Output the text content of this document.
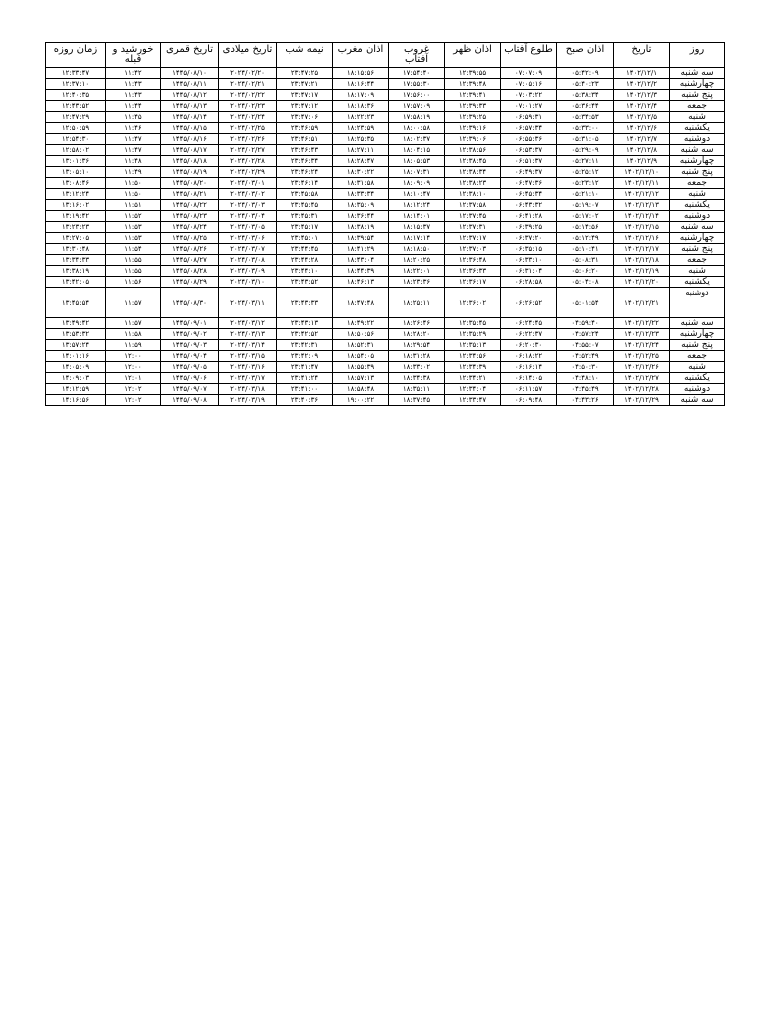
روز	تاریخ	اذان صبح	طلوع آفتاب	اذان ظهر	غروب آفتاب	اذان مغرب	نیمه شب	تاریخ میلادی	تاریخ قمری	خورشید و قبله	زمان روزه
سه شنبه	۱۴۰۲/۱۲/۱	۰۵:۴۲:۰۹	۰۷:۰۷:۰۹	۱۲:۳۹:۵۵	۱۷:۵۴:۴۰	۱۸:۱۵:۵۶	۲۳:۴۷:۲۵	۲۰۲۴/۰۲/۲۰	۱۴۴۵/۰۸/۱۰	۱۱:۴۲	۱۲:۳۳:۴۷
چهارشنبه	۱۴۰۲/۱۲/۲	۰۵:۴۰:۲۳	۰۷:۰۵:۱۶	۱۲:۳۹:۴۸	۱۷:۵۵:۳۰	۱۸:۱۶:۴۴	۲۳:۴۷:۲۱	۲۰۲۴/۰۲/۲۱	۱۴۴۵/۰۸/۱۱	۱۱:۴۳	۱۲:۳۷:۱۰
پنج شنبه	۱۴۰۲/۱۲/۳	۰۵:۳۸:۳۴	۰۷:۰۳:۲۲	۱۲:۳۹:۴۱	۱۷:۵۶:۰۰	۱۸:۱۷:۰۹	۲۳:۴۷:۱۷	۲۰۲۴/۰۲/۲۲	۱۴۴۵/۰۸/۱۲	۱۱:۴۳	۱۲:۴۰:۳۵
جمعه	۱۴۰۲/۱۲/۴	۰۵:۳۶:۴۴	۰۷:۰۱:۲۷	۱۲:۳۹:۳۳	۱۷:۵۷:۰۹	۱۸:۱۸:۳۶	۲۳:۴۷:۱۲	۲۰۲۴/۰۲/۲۳	۱۴۴۵/۰۸/۱۳	۱۱:۴۴	۱۲:۴۳:۵۲
شنبه	۱۴۰۲/۱۲/۵	۰۵:۳۴:۵۳	۰۶:۵۹:۳۱	۱۲:۳۹:۲۵	۱۷:۵۸:۱۹	۱۸:۲۲:۲۳	۲۳:۴۷:۰۶	۲۰۲۴/۰۲/۲۴	۱۴۴۵/۰۸/۱۴	۱۱:۴۵	۱۲:۴۷:۲۹
یکشنبه	۱۴۰۲/۱۲/۶	۰۵:۳۳:۰۰	۰۶:۵۷:۳۴	۱۲:۳۹:۱۶	۱۸:۰۰:۵۸	۱۸:۲۳:۵۹	۲۳:۴۶:۵۹	۲۰۲۴/۰۲/۲۵	۱۴۴۵/۰۸/۱۵	۱۱:۴۶	۱۲:۵۰:۵۹
دوشنبه	۱۴۰۲/۱۲/۷	۰۵:۳۱:۰۵	۰۶:۵۵:۳۶	۱۲:۳۹:۰۶	۱۸:۰۲:۳۷	۱۸:۲۵:۳۵	۲۳:۴۶:۵۱	۲۰۲۴/۰۲/۲۶	۱۴۴۵/۰۸/۱۶	۱۱:۴۷	۱۲:۵۴:۳۰
سه شنبه	۱۴۰۲/۱۲/۸	۰۵:۲۹:۰۹	۰۶:۵۳:۳۷	۱۲:۳۸:۵۶	۱۸:۰۴:۱۵	۱۸:۲۷:۱۱	۲۳:۴۶:۴۳	۲۰۲۴/۰۲/۲۷	۱۴۴۵/۰۸/۱۷	۱۱:۴۷	۱۲:۵۸:۰۲
چهارشنبه	۱۴۰۲/۱۲/۹	۰۵:۲۷:۱۱	۰۶:۵۱:۳۷	۱۲:۳۸:۴۵	۱۸:۰۵:۵۳	۱۸:۲۸:۴۷	۲۳:۴۶:۳۴	۲۰۲۴/۰۲/۲۸	۱۴۴۵/۰۸/۱۸	۱۱:۴۸	۱۳:۰۱:۳۶
پنج شنبه	۱۴۰۲/۱۲/۱۰	۰۵:۲۵:۱۲	۰۶:۴۹:۳۷	۱۲:۳۸:۳۴	۱۸:۰۷:۳۱	۱۸:۳۰:۲۲	۲۳:۴۶:۲۴	۲۰۲۴/۰۲/۲۹	۱۴۴۵/۰۸/۱۹	۱۱:۴۹	۱۳:۰۵:۱۰
جمعه	۱۴۰۲/۱۲/۱۱	۰۵:۲۳:۱۲	۰۶:۴۷:۳۶	۱۲:۳۸:۲۳	۱۸:۰۹:۰۹	۱۸:۳۱:۵۸	۲۳:۴۶:۱۴	۲۰۲۴/۰۳/۰۱	۱۴۴۵/۰۸/۲۰	۱۱:۵۰	۱۳:۰۸:۴۶
شنبه	۱۴۰۲/۱۲/۱۲	۰۵:۲۱:۱۰	۰۶:۴۵:۳۴	۱۲:۳۸:۱۰	۱۸:۱۰:۴۷	۱۸:۳۳:۳۴	۲۳:۴۵:۵۸	۲۰۲۴/۰۳/۰۲	۱۴۴۵/۰۸/۲۱	۱۱:۵۰	۱۳:۱۲:۲۴
یکشنبه	۱۴۰۲/۱۲/۱۳	۰۵:۱۹:۰۷	۰۶:۴۳:۳۲	۱۲:۳۷:۵۸	۱۸:۱۲:۲۴	۱۸:۳۵:۰۹	۲۳:۴۵:۴۵	۲۰۲۴/۰۳/۰۳	۱۴۴۵/۰۸/۲۲	۱۱:۵۱	۱۳:۱۶:۰۲
دوشنبه	۱۴۰۲/۱۲/۱۴	۰۵:۱۷:۰۲	۰۶:۴۱:۲۸	۱۲:۳۷:۴۵	۱۸:۱۴:۰۱	۱۸:۳۶:۴۴	۲۳:۴۵:۳۱	۲۰۲۴/۰۳/۰۴	۱۴۴۵/۰۸/۲۳	۱۱:۵۲	۱۳:۱۹:۴۲
سه شنبه	۱۴۰۲/۱۲/۱۵	۰۵:۱۴:۵۶	۰۶:۳۹:۲۵	۱۲:۳۷:۳۱	۱۸:۱۵:۳۷	۱۸:۳۸:۱۹	۲۳:۴۵:۱۷	۲۰۲۴/۰۳/۰۵	۱۴۴۵/۰۸/۲۴	۱۱:۵۳	۱۳:۲۳:۲۳
چهارشنبه	۱۴۰۲/۱۲/۱۶	۰۵:۱۲:۴۹	۰۶:۳۷:۲۰	۱۲:۳۷:۱۷	۱۸:۱۷:۱۴	۱۸:۳۹:۵۴	۲۳:۴۵:۰۱	۲۰۲۴/۰۳/۰۶	۱۴۴۵/۰۸/۲۵	۱۱:۵۳	۱۳:۲۷:۰۵
پنج شنبه	۱۴۰۲/۱۲/۱۷	۰۵:۱۰:۴۱	۰۶:۳۵:۱۵	۱۲:۳۷:۰۳	۱۸:۱۸:۵۰	۱۸:۴۱:۲۹	۲۳:۴۴:۴۵	۲۰۲۴/۰۳/۰۷	۱۴۴۵/۰۸/۲۶	۱۱:۵۴	۱۳:۳۰:۴۸
جمعه	۱۴۰۲/۱۲/۱۸	۰۵:۰۸:۳۱	۰۶:۳۳:۱۰	۱۲:۳۶:۴۸	۱۸:۲۰:۲۵	۱۸:۴۳:۰۴	۲۳:۴۴:۲۸	۲۰۲۴/۰۳/۰۸	۱۴۴۵/۰۸/۲۷	۱۱:۵۵	۱۳:۳۴:۳۳
شنبه	۱۴۰۲/۱۲/۱۹	۰۵:۰۶:۲۰	۰۶:۳۱:۰۴	۱۲:۳۶:۳۳	۱۸:۲۲:۰۱	۱۸:۴۴:۳۹	۲۳:۴۴:۱۰	۲۰۲۴/۰۳/۰۹	۱۴۴۵/۰۸/۲۸	۱۱:۵۵	۱۳:۳۸:۱۹
یکشنبه	۱۴۰۲/۱۲/۲۰	۰۵:۰۴:۰۸	۰۶:۲۸:۵۸	۱۲:۳۶:۱۷	۱۸:۲۳:۳۶	۱۸:۴۶:۱۳	۲۳:۴۳:۵۲	۲۰۲۴/۰۳/۱۰	۱۴۴۵/۰۸/۲۹	۱۱:۵۶	۱۳:۴۲:۰۵
دوشنبه	۱۴۰۲/۱۲/۲۱	۰۵:۰۱:۵۴	۰۶:۲۶:۵۲	۱۲:۳۶:۰۲	۱۸:۲۵:۱۱	۱۸:۴۷:۴۸	۲۳:۴۳:۳۳	۲۰۲۴/۰۳/۱۱	۱۴۴۵/۰۸/۳۰	۱۱:۵۷	۱۳:۴۵:۵۴
سه شنبه	۱۴۰۲/۱۲/۲۲	۰۴:۵۹:۴۰	۰۶:۲۴:۴۵	۱۲:۳۵:۴۵	۱۸:۲۶:۴۶	۱۸:۴۹:۲۲	۲۳:۴۳:۱۳	۲۰۲۴/۰۳/۱۲	۱۴۴۵/۰۹/۰۱	۱۱:۵۷	۱۳:۴۹:۴۲
چهارشنبه	۱۴۰۲/۱۲/۲۳	۰۴:۵۷:۲۴	۰۶:۲۲:۳۷	۱۲:۳۵:۲۹	۱۸:۲۸:۲۰	۱۸:۵۰:۵۶	۲۳:۴۲:۵۲	۲۰۲۴/۰۳/۱۳	۱۴۴۵/۰۹/۰۲	۱۱:۵۸	۱۳:۵۳:۳۲
پنج شنبه	۱۴۰۲/۱۲/۲۴	۰۴:۵۵:۰۷	۰۶:۲۰:۳۰	۱۲:۳۵:۱۳	۱۸:۲۹:۵۴	۱۸:۵۲:۳۱	۲۳:۴۲:۳۱	۲۰۲۴/۰۳/۱۴	۱۴۴۵/۰۹/۰۳	۱۱:۵۹	۱۳:۵۷:۲۴
جمعه	۱۴۰۲/۱۲/۲۵	۰۴:۵۲:۴۹	۰۶:۱۸:۲۲	۱۲:۳۴:۵۶	۱۸:۳۱:۲۸	۱۸:۵۴:۰۵	۲۳:۴۲:۰۹	۲۰۲۴/۰۳/۱۵	۱۴۴۵/۰۹/۰۴	۱۲:۰۰	۱۴:۰۱:۱۶
شنبه	۱۴۰۲/۱۲/۲۶	۰۴:۵۰:۳۰	۰۶:۱۶:۱۴	۱۲:۳۴:۳۹	۱۸:۳۳:۰۲	۱۸:۵۵:۳۹	۲۳:۴۱:۴۷	۲۰۲۴/۰۳/۱۶	۱۴۴۵/۰۹/۰۵	۱۲:۰۰	۱۴:۰۵:۰۹
یکشنبه	۱۴۰۲/۱۲/۲۷	۰۴:۴۸:۱۰	۰۶:۱۴:۰۵	۱۲:۳۴:۲۱	۱۸:۳۴:۳۸	۱۸:۵۷:۱۳	۲۳:۴۱:۲۴	۲۰۲۴/۰۳/۱۷	۱۴۴۵/۰۹/۰۶	۱۲:۰۱	۱۴:۰۹:۰۳
دوشنبه	۱۴۰۲/۱۲/۲۸	۰۴:۴۵:۴۹	۰۶:۱۱:۵۷	۱۲:۳۴:۰۴	۱۸:۳۵:۱۱	۱۸:۵۸:۴۸	۲۳:۴۱:۰۰	۲۰۲۴/۰۳/۱۸	۱۴۴۵/۰۹/۰۷	۱۲:۰۲	۱۴:۱۲:۵۹
سه شنبه	۱۴۰۲/۱۲/۲۹	۰۴:۴۳:۲۶	۰۶:۰۹:۴۸	۱۲:۳۳:۴۷	۱۸:۳۷:۴۵	۱۹:۰۰:۲۲	۲۳:۴۰:۳۶	۲۰۲۴/۰۳/۱۹	۱۴۴۵/۰۹/۰۸	۱۲:۰۲	۱۴:۱۶:۵۶
